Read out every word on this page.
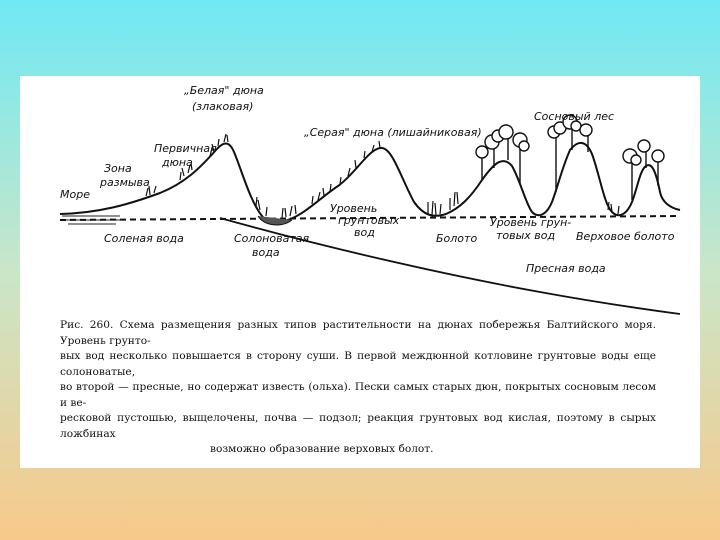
Море
Зона размыва
Первичная дюна
„Белая" дюна (злаковая)
„Серая" дюна (лишайниковая)
Сосновый лес
Уровень грунтовых вод
Соленая вода	Солоноватая вода
Болото
Уровень грун- товых вод	Верховое болото
Пресная вода

Рис. 260. Схема размещения разных типов растительности на дюнах побережья Балтийского моря. Уровень грунто-

вых вод несколько повышается в сторону суши. В первой междюнной котловине грунтовые воды еще солоноватые,

во второй — пресные, но содержат известь (ольха). Пески самых старых дюн, покрытых сосновым лесом и ве-

ресковой пустошью, выщелочены, почва — подзол; реакция грунтовых вод кислая, поэтому в сырых ложбинах

возможно образование верховых болот.
